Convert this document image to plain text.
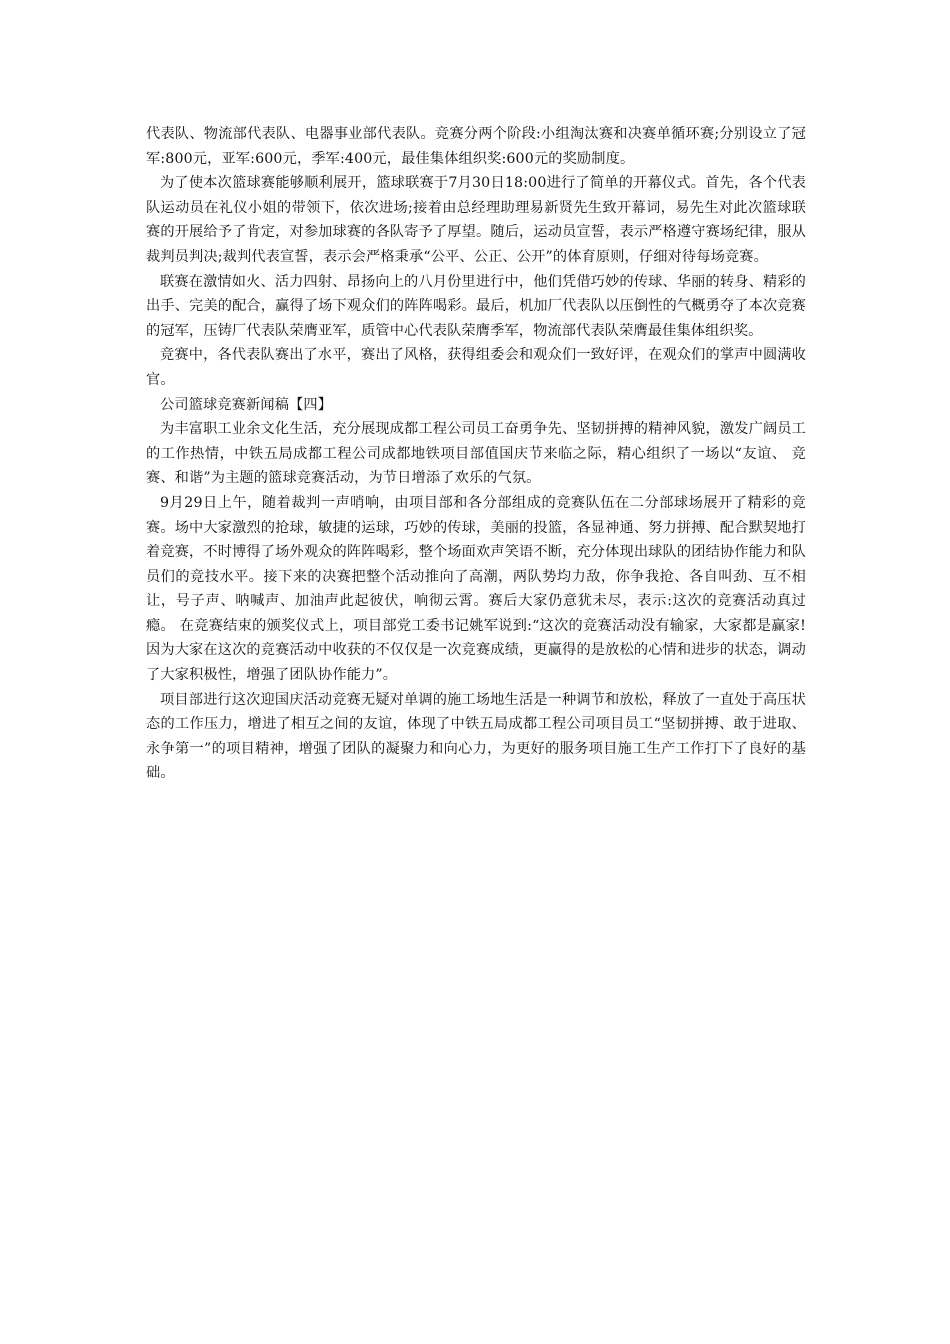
代表队、物流部代表队、电器事业部代表队。竞赛分两个阶段:小组淘汰赛和决赛单循环赛;分别设立了冠军:800元，亚军:600元，季军:400元，最佳集体组织奖:600元的奖励制度。

为了使本次篮球赛能够顺利展开，篮球联赛于7月30日18:00进行了简单的开幕仪式。首先，各个代表队运动员在礼仪小姐的带领下，依次进场;接着由总经理助理易新贤先生致开幕词，易先生对此次篮球联赛的开展给予了肯定，对参加球赛的各队寄予了厚望。随后，运动员宣誓，表示严格遵守赛场纪律，服从裁判员判决;裁判代表宣誓，表示会严格秉承“公平、公正、公开”的体育原则，仔细对待每场竞赛。

联赛在激情如火、活力四射、昂扬向上的八月份里进行中，他们凭借巧妙的传球、华丽的转身、精彩的出手、完美的配合，赢得了场下观众们的阵阵喝彩。最后，机加厂代表队以压倒性的气概勇夺了本次竞赛的冠军，压铸厂代表队荣膺亚军，质管中心代表队荣膺季军，物流部代表队荣膺最佳集体组织奖。

竞赛中，各代表队赛出了水平，赛出了风格，获得组委会和观众们一致好评，在观众们的掌声中圆满收官。

公司篮球竞赛新闻稿【四】

为丰富职工业余文化生活，充分展现成都工程公司员工奋勇争先、坚韧拼搏的精神风貌，激发广阔员工的工作热情，中铁五局成都工程公司成都地铁项目部值国庆节来临之际，精心组织了一场以“友谊、 竞赛、和谐”为主题的篮球竞赛活动，为节日增添了欢乐的气氛。

9月29日上午，随着裁判一声哨响，由项目部和各分部组成的竞赛队伍在二分部球场展开了精彩的竞赛。场中大家激烈的抢球，敏捷的运球，巧妙的传球，美丽的投篮，各显神通、努力拼搏、配合默契地打着竞赛，不时博得了场外观众的阵阵喝彩，整个场面欢声笑语不断，充分体现出球队的团结协作能力和队员们的竞技水平。接下来的决赛把整个活动推向了高潮，两队势均力敌，你争我抢、各自叫劲、互不相让，号子声、呐喊声、加油声此起彼伏，响彻云霄。赛后大家仍意犹未尽，表示:这次的竞赛活动真过瘾。 在竞赛结束的颁奖仪式上，项目部党工委书记姚军说到:“这次的竞赛活动没有输家，大家都是赢家!因为大家在这次的竞赛活动中收获的不仅仅是一次竞赛成绩，更赢得的是放松的心情和进步的状态，调动了大家积极性，增强了团队协作能力”。

项目部进行这次迎国庆活动竞赛无疑对单调的施工场地生活是一种调节和放松，释放了一直处于高压状态的工作压力，增进了相互之间的友谊，体现了中铁五局成都工程公司项目员工“坚韧拼搏、敢于进取、永争第一”的项目精神，增强了团队的凝聚力和向心力，为更好的服务项目施工生产工作打下了良好的基础。
